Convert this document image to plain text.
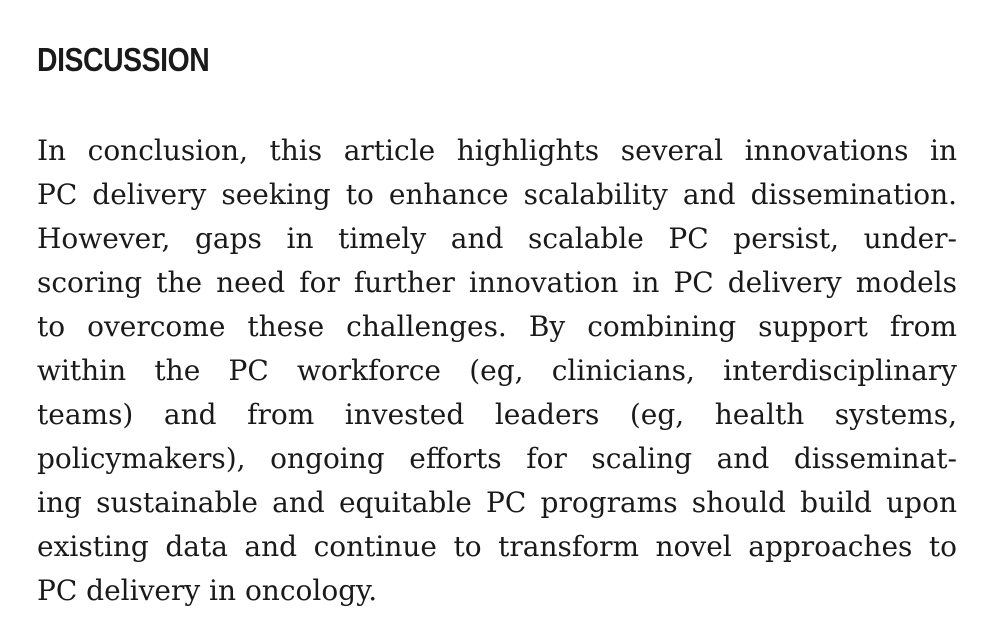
DISCUSSION
In conclusion, this article highlights several innovations in
PC delivery seeking to enhance scalability and dissemination.
However, gaps in timely and scalable PC persist, under-
scoring the need for further innovation in PC delivery models
to overcome these challenges. By combining support from
within the PC workforce (eg, clinicians, interdisciplinary
teams) and from invested leaders (eg, health systems,
policymakers), ongoing efforts for scaling and disseminat-
ing sustainable and equitable PC programs should build upon
existing data and continue to transform novel approaches to
PC delivery in oncology.
